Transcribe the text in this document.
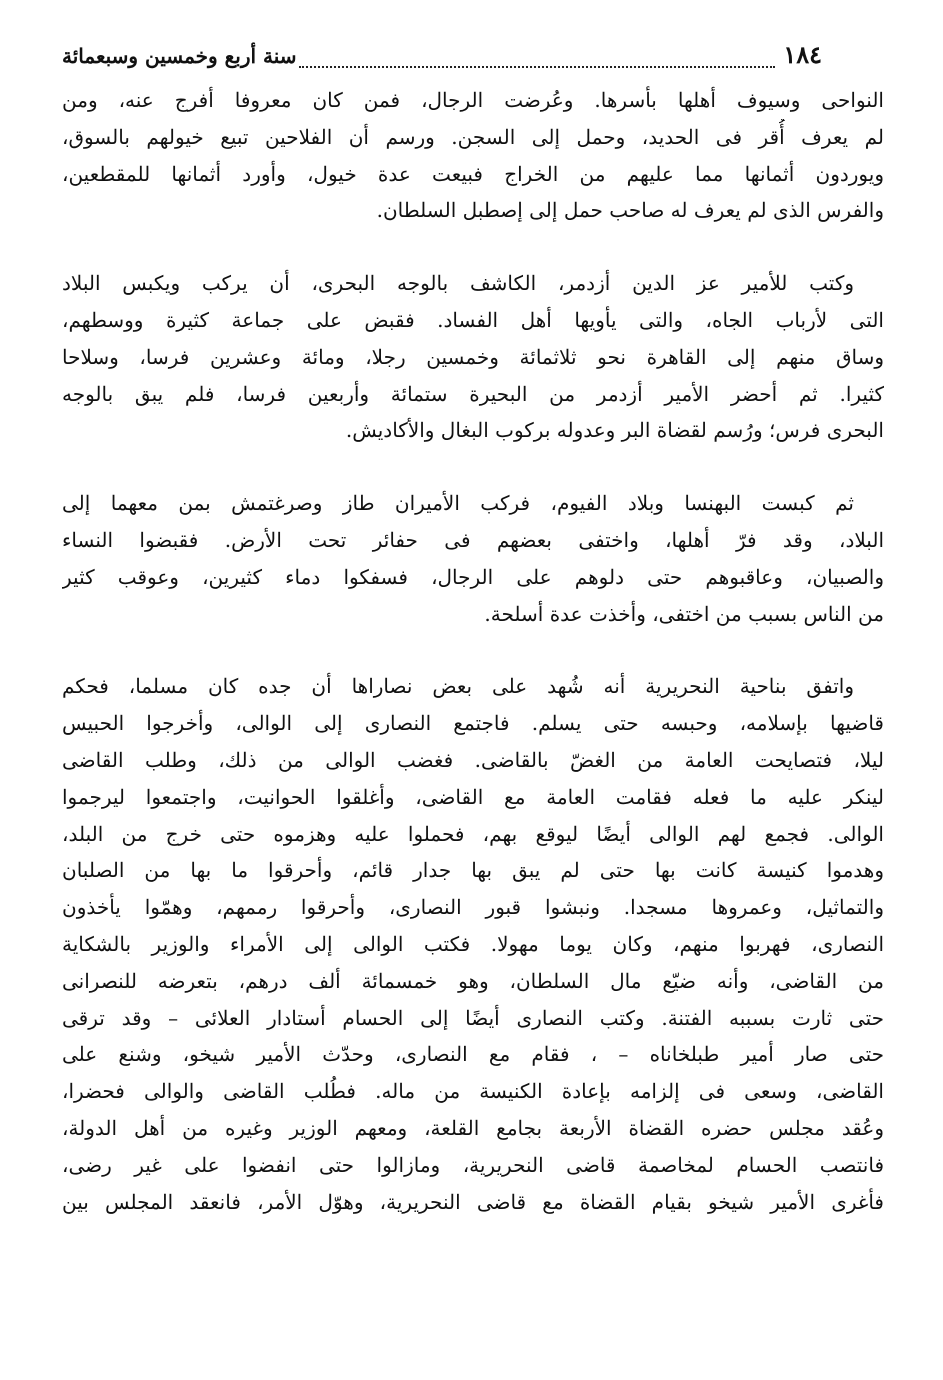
١٨٤
سنة أربع وخمسين وسبعمائة
النواحى وسيوف أهلها بأسرها. وعُرضت الرجال، فمن كان معروفا أفرج عنه، ومن
لم يعرف أُقر فى الحديد، وحمل إلى السجن. ورسم أن الفلاحين تبيع خيولهم بالسوق،
ويوردون أثمانها مما عليهم من الخراج فبيعت عدة خيول، وأورد أثمانها للمقطعين،
والفرس الذى لم يعرف له صاحب حمل إلى إصطبل السلطان.
وكتب للأمير عز الدين أزدمر، الكاشف بالوجه البحرى، أن يركب ويكبس البلاد
التى لأرباب الجاه، والتى يأويها أهل الفساد. فقبض على جماعة كثيرة ووسطهم،
وساق منهم إلى القاهرة نحو ثلاثمائة وخمسين رجلا، ومائة وعشرين فرسا، وسلاحا
كثيرا. ثم أحضر الأمير أزدمر من البحيرة ستمائة وأربعين فرسا، فلم يبق بالوجه
البحرى فرس؛ ورُسم لقضاة البر وعدوله بركوب البغال والأكاديش.
ثم كبست البهنسا وبلاد الفيوم، فركب الأميران طاز وصرغتمش بمن معهما إلى
البلاد، وقد فرّ أهلها، واختفى بعضهم فى حفائر تحت الأرض. فقبضوا النساء
والصبيان، وعاقبوهم حتى دلوهم على الرجال، فسفكوا دماء كثيرين، وعوقب كثير
من الناس بسبب من اختفى، وأخذت عدة أسلحة.
واتفق بناحية النحريرية أنه شُهد على بعض نصاراها أن جده كان مسلما، فحكم
قاضيها بإسلامه، وحبسه حتى يسلم. فاجتمع النصارى إلى الوالى، وأخرجوا الحبيس
ليلا، فتصايحت العامة من الغضّ بالقاضى. فغضب الوالى من ذلك، وطلب القاضى
لينكر عليه ما فعله فقامت العامة مع القاضى، وأغلقوا الحوانيت، واجتمعوا ليرجموا
الوالى. فجمع لهم الوالى أيضًا ليوقع بهم، فحملوا عليه وهزموه حتى خرج من البلد،
وهدموا كنيسة كانت بها حتى لم يبق بها جدار قائم، وأحرقوا ما بها من الصلبان
والتماثيل، وعمروها مسجدا. ونبشوا قبور النصارى، وأحرقوا رممهم، وهمّوا يأخذون
النصارى، فهربوا منهم، وكان يوما مهولا. فكتب الوالى إلى الأمراء والوزير بالشكاية
من القاضى، وأنه ضيّع مال السلطان، وهو خمسمائة ألف درهم، بتعرضه للنصرانى
حتى ثارت بسببه الفتنة. وكتب النصارى أيضًا إلى الحسام أستادار العلائى – وقد ترقى
حتى صار أمير طبلخاناه – ، فقام مع النصارى، وحدّث الأمير شيخو، وشنع على
القاضى، وسعى فى إلزامه بإعادة الكنيسة من ماله. فطُلب القاضى والوالى فحضرا،
وعُقد مجلس حضره القضاة الأربعة بجامع القلعة، ومعهم الوزير وغيره من أهل الدولة،
فانتصب الحسام لمخاصمة قاضى النحريرية، ومازالوا حتى انفضوا على غير رضى،
فأغرى الأمير شيخو بقيام القضاة مع قاضى النحريرية، وهوّل الأمر، فانعقد المجلس بين
